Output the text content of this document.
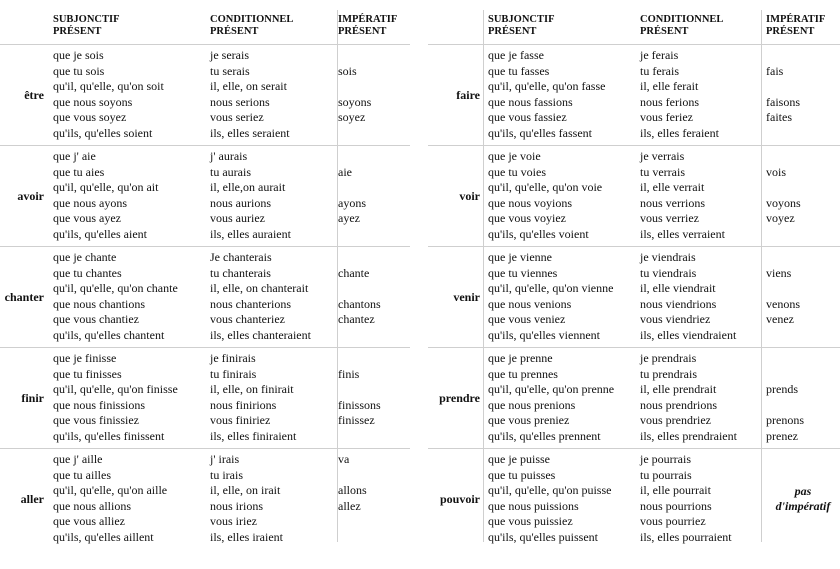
SUBJONCTIF
PRÉSENT
CONDITIONNEL
PRÉSENT
IMPÉRATIF
PRÉSENT
être
que je sois
que tu sois
qu'il, qu'elle, qu'on soit
que nous soyons
que vous soyez
qu'ils, qu'elles soient
je serais
tu serais
il, elle, on serait
nous serions
vous seriez
ils, elles seraient
sois
soyons
soyez
avoir
que j' aie
que tu aies
qu'il, qu'elle, qu'on ait
que nous ayons
que vous ayez
qu'ils, qu'elles aient
j' aurais
tu aurais
il, elle,on aurait
nous aurions
vous auriez
ils, elles auraient
aie
ayons
ayez
chanter
que je chante
que tu chantes
qu'il, qu'elle, qu'on chante
que nous chantions
que vous chantiez
qu'ils, qu'elles chantent
Je chanterais
tu chanterais
il, elle, on chanterait
nous chanterions
vous chanteriez
ils, elles chanteraient
chante
chantons
chantez
finir
que je finisse
que tu finisses
qu'il, qu'elle, qu'on finisse
que nous finissions
que vous finissiez
qu'ils, qu'elles finissent
je finirais
tu finirais
il, elle, on finirait
nous finirions
vous finiriez
ils, elles finiraient
finis
finissons
finissez
aller
que j' aille
que tu ailles
qu'il, qu'elle, qu'on aille
que nous allions
que vous alliez
qu'ils, qu'elles aillent
j' irais
tu irais
il, elle, on irait
nous irions
vous iriez
ils, elles iraient
va
allons
allez
SUBJONCTIF
PRÉSENT
CONDITIONNEL
PRÉSENT
IMPÉRATIF
PRÉSENT
faire
que je fasse
que tu fasses
qu'il, qu'elle, qu'on fasse
que nous fassions
que vous fassiez
qu'ils, qu'elles fassent
je ferais
tu ferais
il, elle ferait
nous ferions
vous feriez
ils, elles feraient
fais
faisons
faites
voir
que je voie
que tu voies
qu'il, qu'elle, qu'on voie
que nous voyions
que vous voyiez
qu'ils, qu'elles voient
je verrais
tu verrais
il, elle verrait
nous verrions
vous verriez
ils, elles verraient
vois
voyons
voyez
venir
que je vienne
que tu viennes
qu'il, qu'elle, qu'on vienne
que nous venions
que vous veniez
qu'ils, qu'elles viennent
je viendrais
tu viendrais
il, elle viendrait
nous viendrions
vous viendriez
ils, elles viendraient
viens
venons
venez
prendre
que je prenne
que tu prennes
qu'il, qu'elle, qu'on prenne
que nous prenions
que vous preniez
qu'ils, qu'elles prennent
je prendrais
tu prendrais
il, elle prendrait
nous prendrions
vous prendriez
ils, elles prendraient
prends
prenons
prenez
pouvoir
que je puisse
que tu puisses
qu'il, qu'elle, qu'on puisse
que nous puissions
que vous puissiez
qu'ils, qu'elles puissent
je pourrais
tu pourrais
il, elle pourrait
nous pourrions
vous pourriez
ils, elles pourraient
pas
d'impératif
